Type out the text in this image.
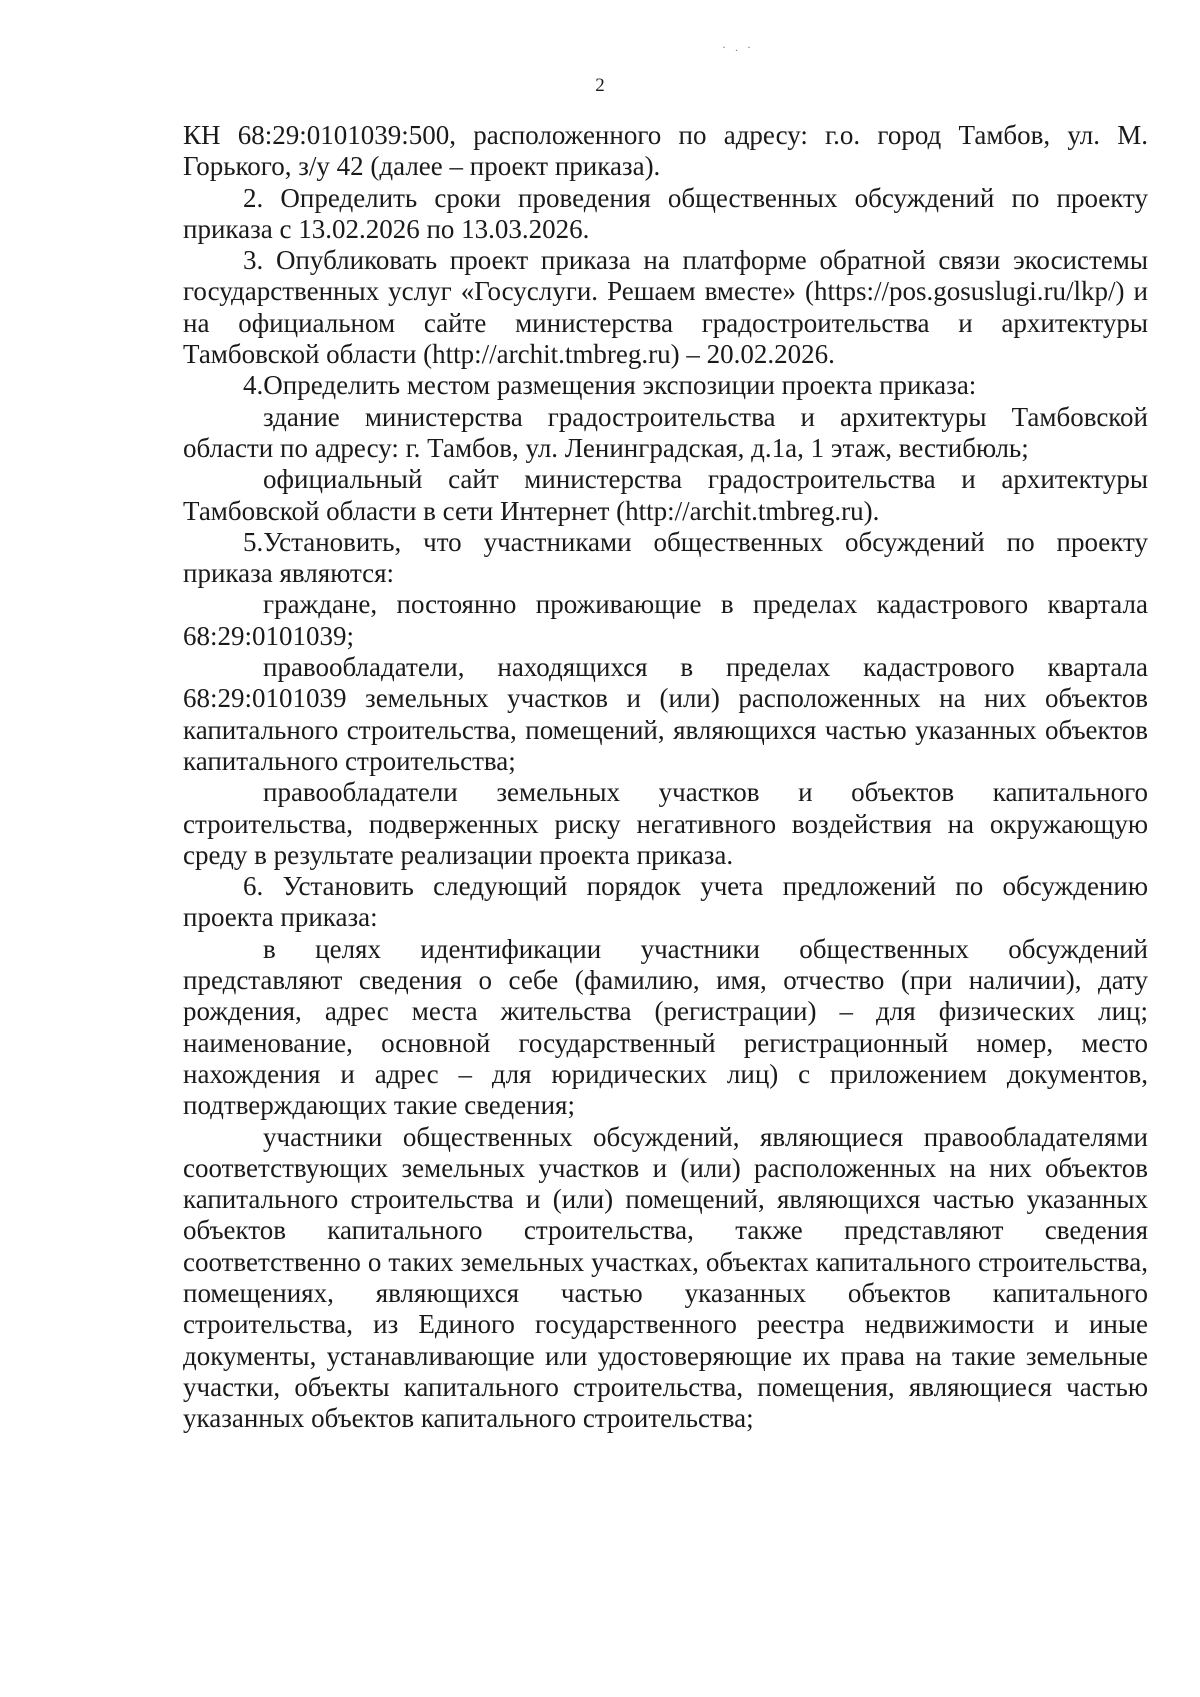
· . ·
2

КН 68:29:0101039:500, расположенного по адресу: г.о. город Тамбов, ул. М. Горького, з/у 42 (далее – проект приказа).

2. Определить сроки проведения общественных обсуждений по проекту приказа с 13.02.2026 по 13.03.2026.

3. Опубликовать проект приказа на платформе обратной связи экосистемы государственных услуг «Госуслуги. Решаем вместе» (https://pos.gosuslugi.ru/lkp/) и на официальном сайте министерства градостроительства и архитектуры Тамбовской области (http://archit.tmbreg.ru) – 20.02.2026.

4.Определить местом размещения экспозиции проекта приказа:

здание министерства градостроительства и архитектуры Тамбовской области по адресу: г. Тамбов, ул. Ленинградская, д.1а, 1 этаж, вестибюль;

официальный сайт министерства градостроительства и архитектуры Тамбовской области в сети Интернет (http://archit.tmbreg.ru).

5.Установить, что участниками общественных обсуждений по проекту приказа являются:

граждане, постоянно проживающие в пределах кадастрового квартала 68:29:0101039;

правообладатели, находящихся в пределах кадастрового квартала 68:29:0101039 земельных участков и (или) расположенных на них объектов капитального строительства, помещений, являющихся частью указанных объектов капитального строительства;

правообладатели земельных участков и объектов капитального строительства, подверженных риску негативного воздействия на окружающую среду в результате реализации проекта приказа.

6. Установить следующий порядок учета предложений по обсуждению проекта приказа:

в целях идентификации участники общественных обсуждений представляют сведения о себе (фамилию, имя, отчество (при наличии), дату рождения, адрес места жительства (регистрации) – для физических лиц; наименование, основной государственный регистрационный номер, место нахождения и адрес – для юридических лиц) с приложением документов, подтверждающих такие сведения;

участники общественных обсуждений, являющиеся правообладателями соответствующих земельных участков и (или) расположенных на них объектов капитального строительства и (или) помещений, являющихся частью указанных объектов капитального строительства, также представляют сведения соответственно о таких земельных участках, объектах капитального строительства, помещениях, являющихся частью указанных объектов капитального строительства, из Единого государственного реестра недвижимости и иные документы, устанавливающие или удостоверяющие их права на такие земельные участки, объекты капитального строительства, помещения, являющиеся частью указанных объектов капитального строительства;
